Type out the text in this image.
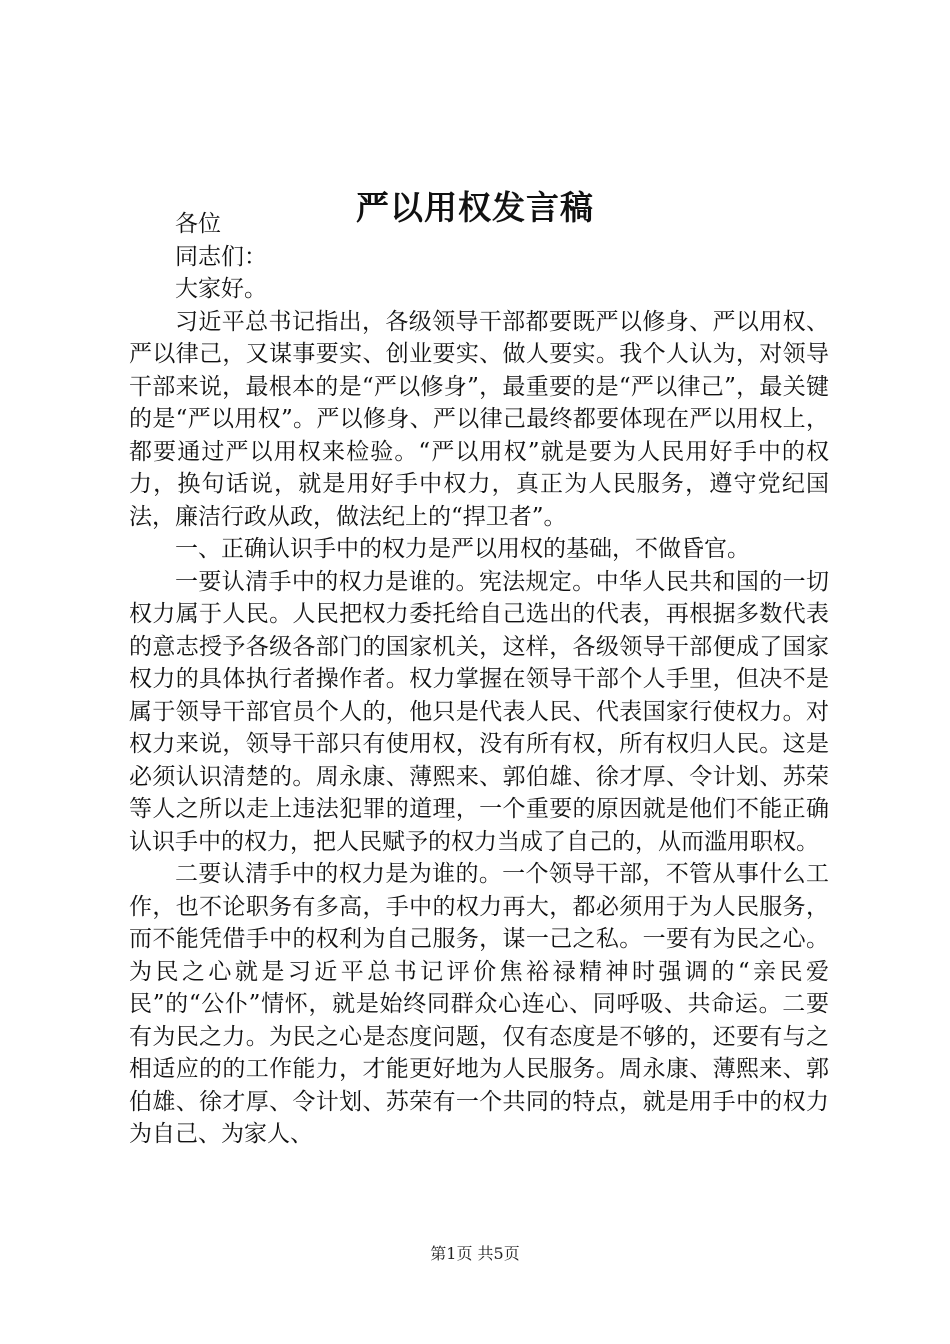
严以用权发言稿

各位

同志们：

大家好。

习近平总书记指出，各级领导干部都要既严以修身、严以用权、严以律己，又谋事要实、创业要实、做人要实。我个人认为，对领导干部来说，最根本的是“严以修身”，最重要的是“严以律己”，最关键的是“严以用权”。严以修身、严以律己最终都要体现在严以用权上，都要通过严以用权来检验。“严以用权”就是要为人民用好手中的权力，换句话说，就是用好手中权力，真正为人民服务，遵守党纪国法，廉洁行政从政，做法纪上的“捍卫者”。

一、正确认识手中的权力是严以用权的基础，不做昏官。

一要认清手中的权力是谁的。宪法规定。中华人民共和国的一切权力属于人民。人民把权力委托给自己选出的代表，再根据多数代表的意志授予各级各部门的国家机关，这样，各级领导干部便成了国家权力的具体执行者操作者。权力掌握在领导干部个人手里，但决不是属于领导干部官员个人的，他只是代表人民、代表国家行使权力。对权力来说，领导干部只有使用权，没有所有权，所有权归人民。这是必须认识清楚的。周永康、薄熙来、郭伯雄、徐才厚、令计划、苏荣等人之所以走上违法犯罪的道理，一个重要的原因就是他们不能正确认识手中的权力，把人民赋予的权力当成了自己的，从而滥用职权。

二要认清手中的权力是为谁的。一个领导干部，不管从事什么工作，也不论职务有多高，手中的权力再大，都必须用于为人民服务，而不能凭借手中的权利为自己服务，谋一己之私。一要有为民之心。为民之心就是习近平总书记评价焦裕禄精神时强调的“亲民爱民”的“公仆”情怀，就是始终同群众心连心、同呼吸、共命运。二要有为民之力。为民之心是态度问题，仅有态度是不够的，还要有与之相适应的的工作能力，才能更好地为人民服务。周永康、薄熙来、郭伯雄、徐才厚、令计划、苏荣有一个共同的特点，就是用手中的权力为自己、为家人、

第1页 共5页
